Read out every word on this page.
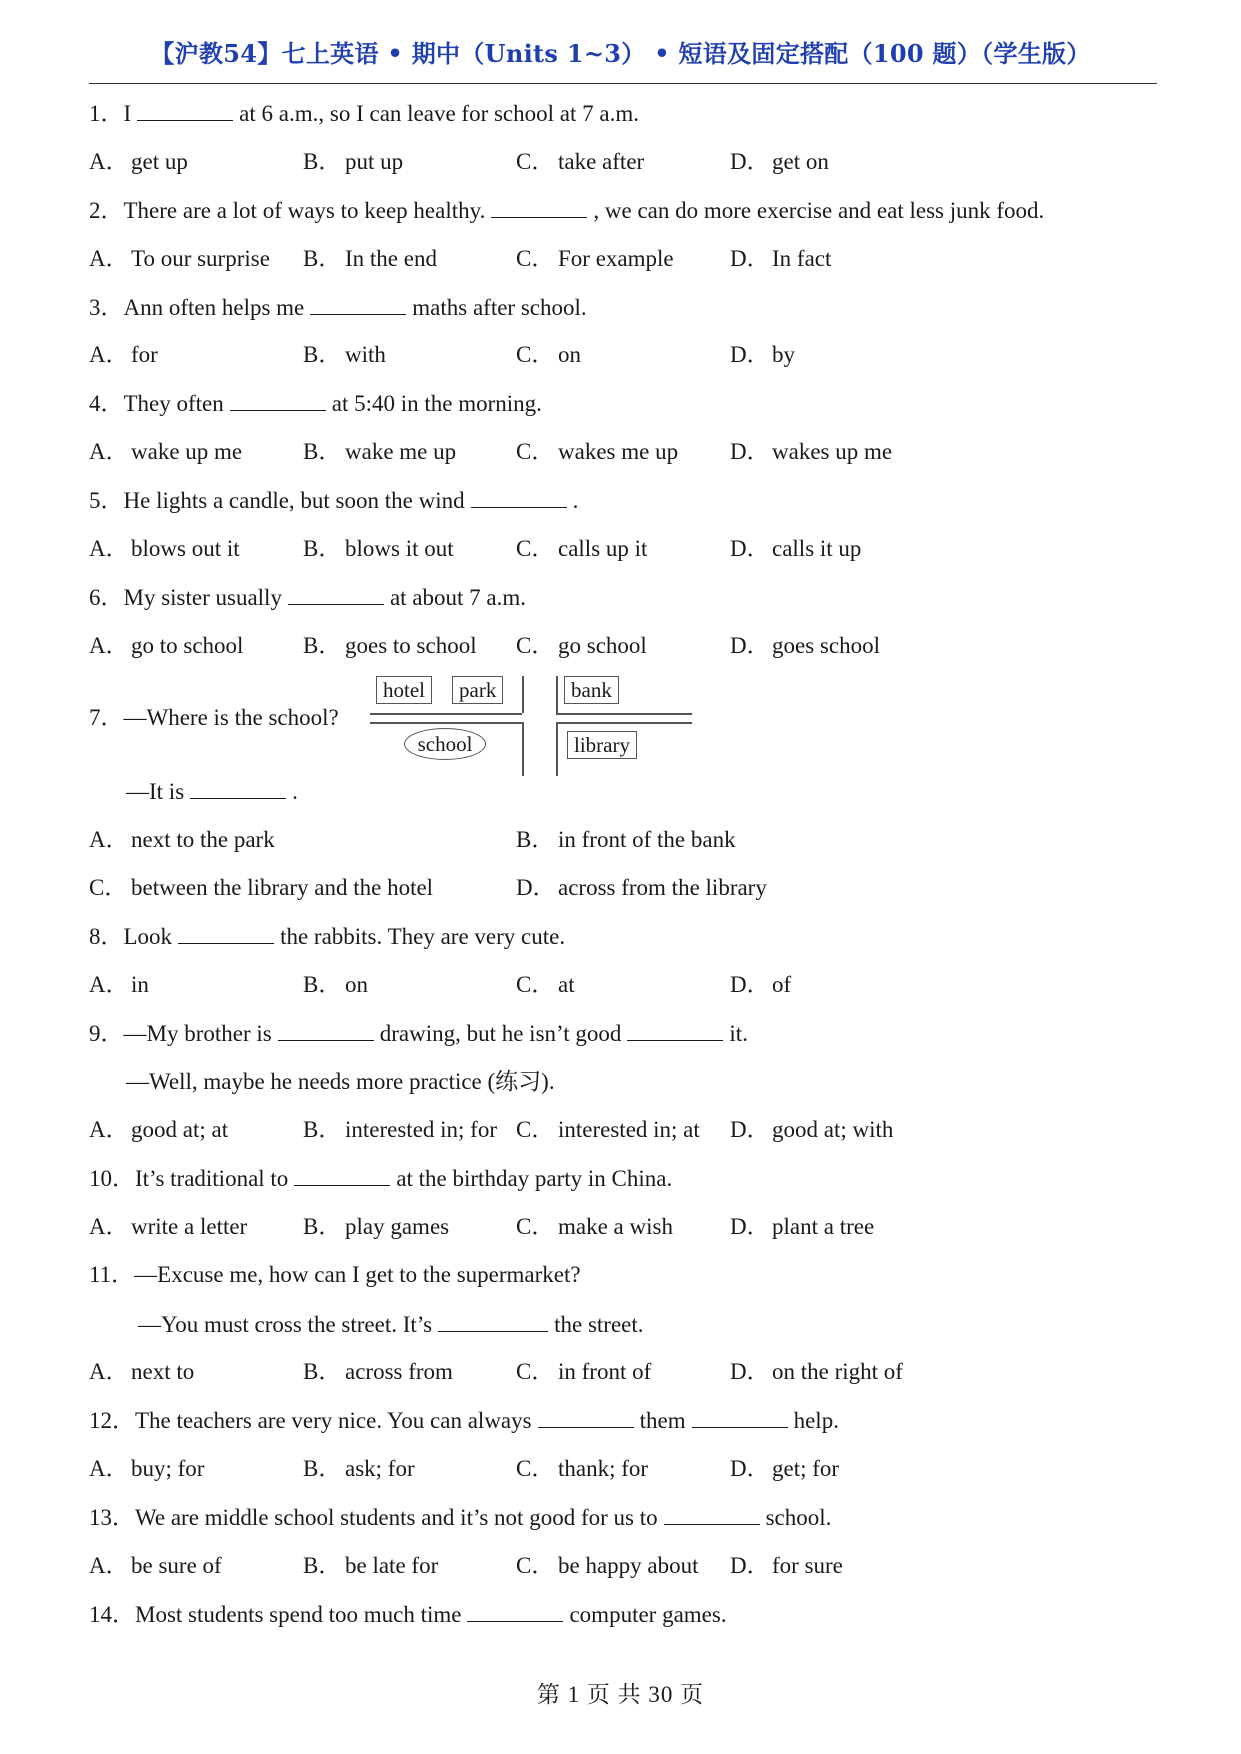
【沪教54】七上英语 • 期中（Units 1~3） • 短语及固定搭配（100 题）（学生版）
1．I	at 6 a.m., so I can leave for school at 7 a.m.
A． get up	B． put up	C． take after	D． get on
2．There are a lot of ways to keep healthy.	, we can do more exercise and eat less junk food.
A． To our surprise B． In the end	C． For example D． In fact
3．Ann often helps me	maths after school.
A． for	B． with	C． on	D． by
4．They often	at 5:40 in the morning.
A． wake up me	B． wake me up	C． wakes me up D． wakes up me
5．He lights a candle, but soon the wind	.
A． blows out it	B． blows it out	C． calls up it	D． calls it up
6．My sister usually	at about 7 a.m.
A． go to school	B． goes to school C． go school	D． goes school
7．—Where is the school?
hotel	park	bank
school	library
—It is	.
A． next to the park	B． in front of the bank
C． between the library and the hotel	D． across from the library
8．Look	the rabbits. They are very cute.
A． in	B． on	C． at	D． of
9．—My brother is	drawing, but he isn’t good	it.
—Well, maybe he needs more practice (练习).
A． good at; at	B． interested in; for C． interested in; at D． good at; with
10．It’s traditional to	at the birthday party in China.
A． write a letter B． play games	C． make a wish D． plant a tree
11．—Excuse me, how can I get to the supermarket?
—You must cross the street. It’s	the street.
A． next to	B． across from	C． in front of	D． on the right of
12．The teachers are very nice. You can always	them	help.
A． buy; for	B． ask; for	C． thank; for	D． get; for
13．We are middle school students and it’s not good for us to	school.
A． be sure of	B． be late for	C． be happy about D． for sure
14．Most students spend too much time	computer games.
第 1 页 共 30 页
